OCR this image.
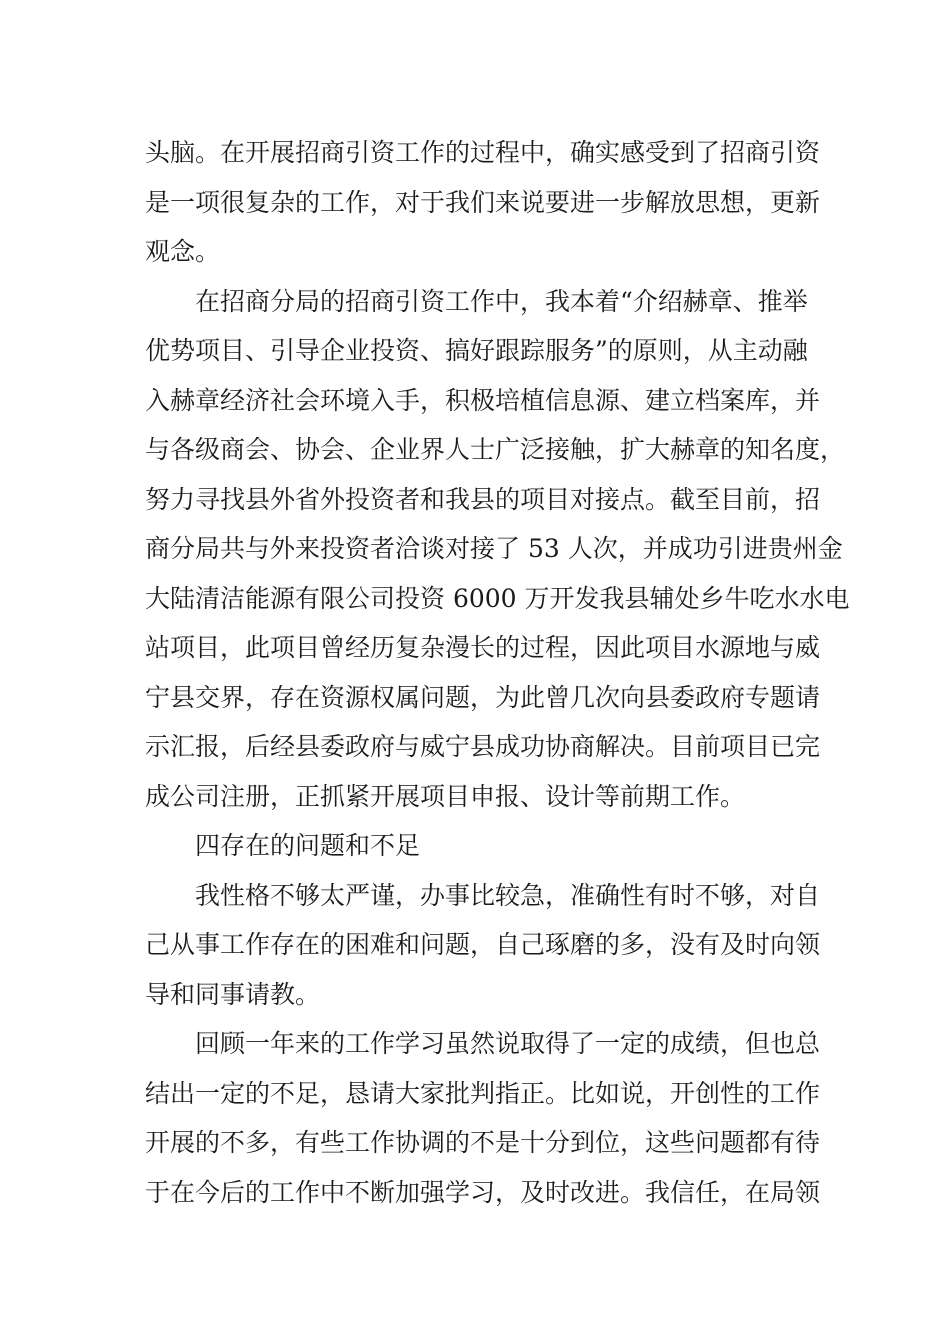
头脑。在开展招商引资工作的过程中，确实感受到了招商引资
是一项很复杂的工作，对于我们来说要进一步解放思想，更新
观念。
在招商分局的招商引资工作中，我本着“介绍赫章、推举
优势项目、引导企业投资、搞好跟踪服务”的原则，从主动融
入赫章经济社会环境入手，积极培植信息源、建立档案库，并
与各级商会、协会、企业界人士广泛接触，扩大赫章的知名度，
努力寻找县外省外投资者和我县的项目对接点。截至目前，招
商分局共与外来投资者洽谈对接了 53 人次，并成功引进贵州金
大陆清洁能源有限公司投资 6000 万开发我县辅处乡牛吃水水电
站项目，此项目曾经历复杂漫长的过程，因此项目水源地与威
宁县交界，存在资源权属问题，为此曾几次向县委政府专题请
示汇报，后经县委政府与威宁县成功协商解决。目前项目已完
成公司注册，正抓紧开展项目申报、设计等前期工作。
四存在的问题和不足
我性格不够太严谨，办事比较急，准确性有时不够，对自
己从事工作存在的困难和问题，自己琢磨的多，没有及时向领
导和同事请教。
回顾一年来的工作学习虽然说取得了一定的成绩，但也总
结出一定的不足，恳请大家批判指正。比如说，开创性的工作
开展的不多，有些工作协调的不是十分到位，这些问题都有待
于在今后的工作中不断加强学习，及时改进。我信任，在局领
